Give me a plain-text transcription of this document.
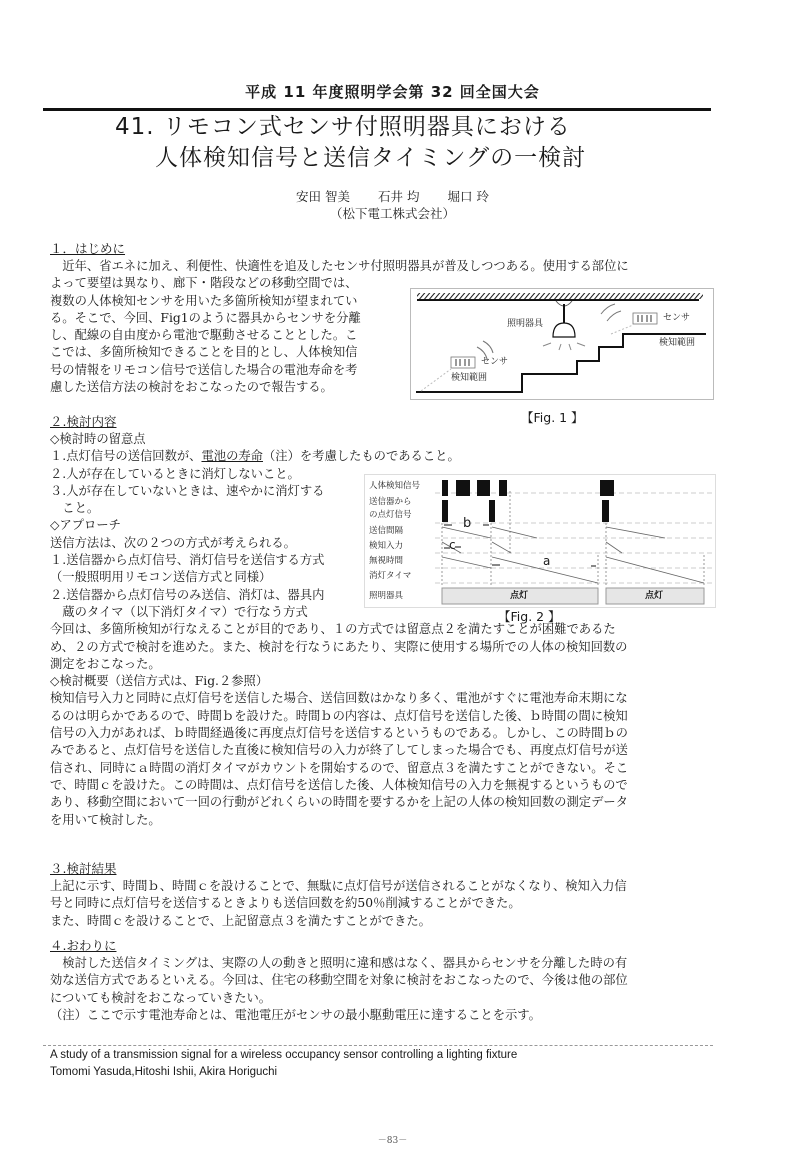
平成 11 年度照明学会第 32 回全国大会
41. リモコン式センサ付照明器具における
人体検知信号と送信タイミングの一検討
安田 智美 石井 均 堀口 玲
（松下電工株式会社）
１．はじめに
　近年、省エネに加え、利便性、快適性を追及したセンサ付照明器具が普及しつつある。使用する部位に
よって要望は異なり、廊下・階段などの移動空間では、
複数の人体検知センサを用いた多箇所検知が望まれてい
る。そこで、今回、Fig1のように器具からセンサを分離
し、配線の自由度から電池で駆動させることとした。こ
こでは、多箇所検知できることを目的とし、人体検知信
号の情報をリモコン信号で送信した場合の電池寿命を考
慮した送信方法の検討をおこなったので報告する。
照明器具
センサ
検知範囲
センサ
検知範囲
【Fig. 1 】
２.検討内容
◇検討時の留意点
１.点灯信号の送信回数が、電池の寿命（注）を考慮したものであること。
２.人が存在しているときに消灯しないこと。
３.人が存在していないときは、速やかに消灯する
　こと。
◇アプローチ
送信方法は、次の２つの方式が考えられる。
１.送信器から点灯信号、消灯信号を送信する方式
（一般照明用リモコン送信方式と同様）
２.送信器から点灯信号のみ送信、消灯は、器具内
　蔵のタイマ（以下消灯タイマ）で行なう方式
今回は、多箇所検知が行なえることが目的であり、１の方式では留意点２を満たすことが困難であるた
め、２の方式で検討を進めた。また、検討を行なうにあたり、実際に使用する場所での人体の検知回数の
測定をおこなった。
◇検討概要（送信方式は、Fig.２参照）
検知信号入力と同時に点灯信号を送信した場合、送信回数はかなり多く、電池がすぐに電池寿命末期にな
るのは明らかであるので、時間ｂを設けた。時間ｂの内容は、点灯信号を送信した後、ｂ時間の間に検知
信号の入力があれば、ｂ時間経過後に再度点灯信号を送信するというものである。しかし、この時間ｂの
みであると、点灯信号を送信した直後に検知信号の入力が終了してしまった場合でも、再度点灯信号が送
信され、同時にａ時間の消灯タイマがカウントを開始するので、留意点３を満たすことができない。そこ
で、時間ｃを設けた。この時間は、点灯信号を送信した後、人体検知信号の入力を無視するというもので
あり、移動空間において一回の行動がどれくらいの時間を要するかを上記の人体の検知回数の測定データ
を用いて検討した。
人体検知信号
送信器から
の点灯信号
送信間隔
検知入力
無視時間
消灯タイマ
照明器具
b
c
a
点灯	点灯
【Fig. 2 】
３.検討結果
上記に示す、時間ｂ、時間ｃを設けることで、無駄に点灯信号が送信されることがなくなり、検知入力信
号と同時に点灯信号を送信するときよりも送信回数を約50％削減することができた。
また、時間ｃを設けることで、上記留意点３を満たすことができた。
４.おわりに
　検討した送信タイミングは、実際の人の動きと照明に違和感はなく、器具からセンサを分離した時の有
効な送信方式であるといえる。今回は、住宅の移動空間を対象に検討をおこなったので、今後は他の部位
についても検討をおこなっていきたい。
（注）ここで示す電池寿命とは、電池電圧がセンサの最小駆動電圧に達することを示す。
A study of a transmission signal for a wireless occupancy sensor controlling a lighting fixture
Tomomi Yasuda,Hitoshi Ishii, Akira Horiguchi
－83－
